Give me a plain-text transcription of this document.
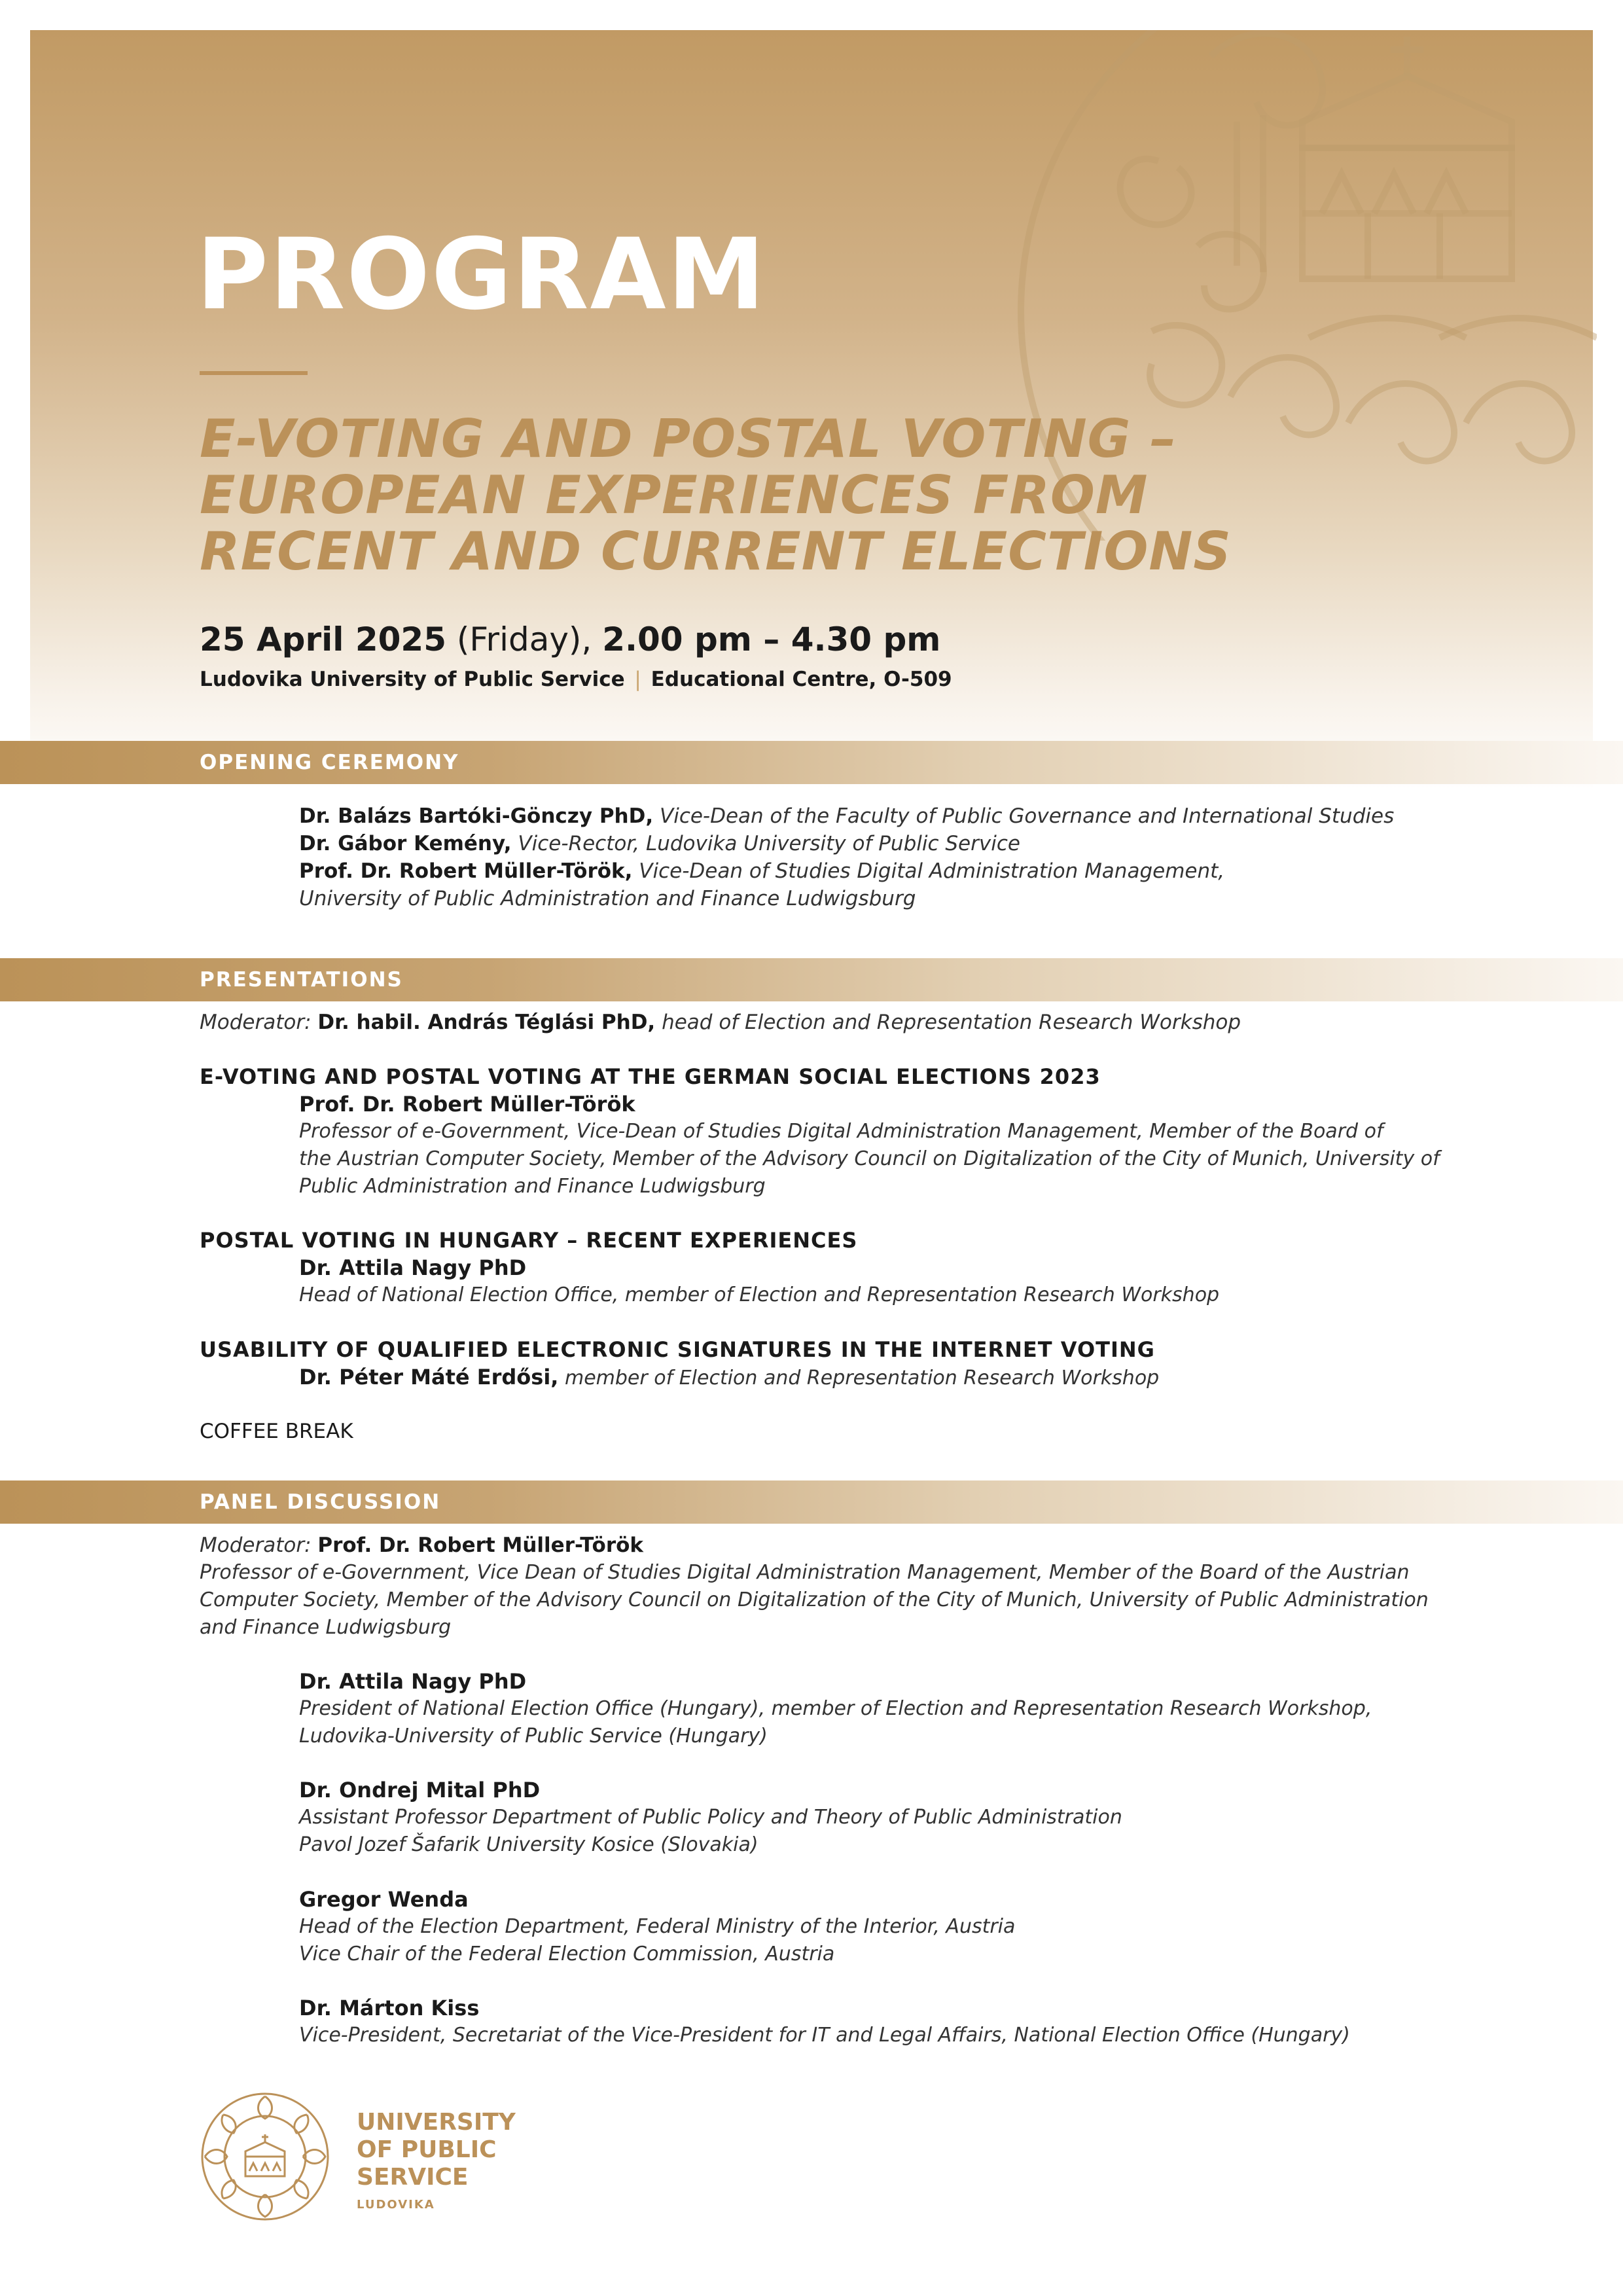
PROGRAM
E-VOTING AND POSTAL VOTING –
EUROPEAN EXPERIENCES FROM
RECENT AND CURRENT ELECTIONS

25 April 2025 (Friday), 2.00 pm – 4.30 pm

Ludovika University of Public Service | Educational Centre, O-509

OPENING CEREMONY

Dr. Balázs Bartóki-Gönczy PhD, Vice-Dean of the Faculty of Public Governance and International Studies

Dr. Gábor Kemény, Vice-Rector, Ludovika University of Public Service

Prof. Dr. Robert Müller-Török, Vice-Dean of Studies Digital Administration Management,

University of Public Administration and Finance Ludwigsburg

PRESENTATIONS

Moderator: Dr. habil. András Téglási PhD, head of Election and Representation Research Workshop

E-VOTING AND POSTAL VOTING AT THE GERMAN SOCIAL ELECTIONS 2023

Prof. Dr. Robert Müller-Török

Professor of e-Government, Vice-Dean of Studies Digital Administration Management, Member of the Board of

the Austrian Computer Society, Member of the Advisory Council on Digitalization of the City of Munich, University of

Public Administration and Finance Ludwigsburg

POSTAL VOTING IN HUNGARY – RECENT EXPERIENCES

Dr. Attila Nagy PhD

Head of National Election Office, member of Election and Representation Research Workshop

USABILITY OF QUALIFIED ELECTRONIC SIGNATURES IN THE INTERNET VOTING

Dr. Péter Máté Erdősi, member of Election and Representation Research Workshop

COFFEE BREAK

PANEL DISCUSSION

Moderator: Prof. Dr. Robert Müller-Török

Professor of e-Government, Vice Dean of Studies Digital Administration Management, Member of the Board of the Austrian

Computer Society, Member of the Advisory Council on Digitalization of the City of Munich, University of Public Administration

and Finance Ludwigsburg

Dr. Attila Nagy PhD

President of National Election Office (Hungary), member of Election and Representation Research Workshop,

Ludovika-University of Public Service (Hungary)

Dr. Ondrej Mital PhD

Assistant Professor Department of Public Policy and Theory of Public Administration

Pavol Jozef Šafarik University Kosice (Slovakia)

Gregor Wenda

Head of the Election Department, Federal Ministry of the Interior, Austria

Vice Chair of the Federal Election Commission, Austria

Dr. Márton Kiss

Vice-President, Secretariat of the Vice-President for IT and Legal Affairs, National Election Office (Hungary)

UNIVERSITY
OF PUBLIC
SERVICE

LUDOVIKA
